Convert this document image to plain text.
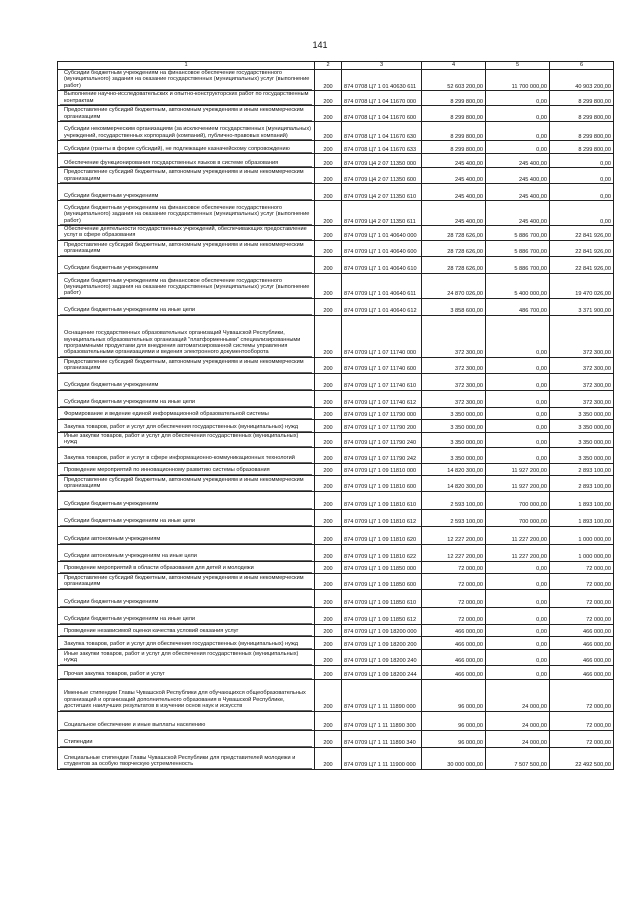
141
1	2	3	4	5	6

Субсидии бюджетным учреждениям на финансовое обеспечение государственного (муниципального) задания на оказание государственных (муниципальных) услуг (выполнение работ)	200	874 0708 Ц7 1 01 40630 611	52 603 200,00	11 700 000,00	40 903 200,00

Выполнение научно-исследовательских и опытно-конструкторских работ по государственным контрактам	200	874 0708 Ц7 1 04 11670 000	8 299 800,00	0,00	8 299 800,00

Предоставление субсидий бюджетным, автономным учреждениям и иным некоммерческим организациям	200	874 0708 Ц7 1 04 11670 600	8 299 800,00	0,00	8 299 800,00

Субсидии некоммерческим организациям (за исключением государственных (муниципальных) учреждений, государственных корпораций (компаний), публично-правовых компаний)	200	874 0708 Ц7 1 04 11670 630	8 299 800,00	0,00	8 299 800,00

Субсидии (гранты в форме субсидий), не подлежащие казначейскому сопровождению	200	874 0708 Ц7 1 04 11670 633	8 299 800,00	0,00	8 299 800,00

Обеспечение функционирования государственных языков в системе образования	200	874 0709 Ц4 2 07 11350 000	245 400,00	245 400,00	0,00

Предоставление субсидий бюджетным, автономным учреждениям и иным некоммерческим организациям	200	874 0709 Ц4 2 07 11350 600	245 400,00	245 400,00	0,00

Субсидии бюджетным учреждениям	200	874 0709 Ц4 2 07 11350 610	245 400,00	245 400,00	0,00

Субсидии бюджетным учреждениям на финансовое обеспечение государственного (муниципального) задания на оказание государственных (муниципальных) услуг (выполнение работ)	200	874 0709 Ц4 2 07 11350 611	245 400,00	245 400,00	0,00

Обеспечение деятельности государственных учреждений, обеспечивающих предоставление услуг в сфере образования	200	874 0709 Ц7 1 01 40640 000	28 728 626,00	5 886 700,00	22 841 926,00

Предоставление субсидий бюджетным, автономным учреждениям и иным некоммерческим организациям	200	874 0709 Ц7 1 01 40640 600	28 728 626,00	5 886 700,00	22 841 926,00

Субсидии бюджетным учреждениям	200	874 0709 Ц7 1 01 40640 610	28 728 626,00	5 886 700,00	22 841 926,00

Субсидии бюджетным учреждениям на финансовое обеспечение государственного (муниципального) задания на оказание государственных (муниципальных) услуг (выполнение работ)	200	874 0709 Ц7 1 01 40640 611	24 870 026,00	5 400 000,00	19 470 026,00

Субсидии бюджетным учреждениям на иные цели	200	874 0709 Ц7 1 01 40640 612	3 858 600,00	486 700,00	3 371 900,00

Оснащение государственных образовательных организаций Чувашской Республики, муниципальных образовательных организаций "платформенными" специализированными программными продуктами для внедрения автоматизированной системы управления образовательными организациями и ведения электронного документооборота	200	874 0709 Ц7 1 07 11740 000	372 300,00	0,00	372 300,00

Предоставление субсидий бюджетным, автономным учреждениям и иным некоммерческим организациям	200	874 0709 Ц7 1 07 11740 600	372 300,00	0,00	372 300,00

Субсидии бюджетным учреждениям	200	874 0709 Ц7 1 07 11740 610	372 300,00	0,00	372 300,00

Субсидии бюджетным учреждениям на иные цели	200	874 0709 Ц7 1 07 11740 612	372 300,00	0,00	372 300,00

Формирование и ведение единой информационной образовательной системы	200	874 0709 Ц7 1 07 11790 000	3 350 000,00	0,00	3 350 000,00

Закупка товаров, работ и услуг для обеспечения государственных (муниципальных) нужд	200	874 0709 Ц7 1 07 11790 200	3 350 000,00	0,00	3 350 000,00

Иные закупки товаров, работ и услуг для обеспечения государственных (муниципальных) нужд	200	874 0709 Ц7 1 07 11790 240	3 350 000,00	0,00	3 350 000,00

Закупка товаров, работ и услуг в сфере информационно-коммуникационных технологий	200	874 0709 Ц7 1 07 11790 242	3 350 000,00	0,00	3 350 000,00

Проведение мероприятий по инновационному развитию системы образования	200	874 0709 Ц7 1 09 11810 000	14 820 300,00	11 927 200,00	2 893 100,00

Предоставление субсидий бюджетным, автономным учреждениям и иным некоммерческим организациям	200	874 0709 Ц7 1 09 11810 600	14 820 300,00	11 927 200,00	2 893 100,00

Субсидии бюджетным учреждениям	200	874 0709 Ц7 1 09 11810 610	2 593 100,00	700 000,00	1 893 100,00

Субсидии бюджетным учреждениям на иные цели	200	874 0709 Ц7 1 09 11810 612	2 593 100,00	700 000,00	1 893 100,00

Субсидии автономным учреждениям	200	874 0709 Ц7 1 09 11810 620	12 227 200,00	11 227 200,00	1 000 000,00

Субсидии автономным учреждениям на иные цели	200	874 0709 Ц7 1 09 11810 622	12 227 200,00	11 227 200,00	1 000 000,00

Проведение мероприятий в области образования для детей и молодежи	200	874 0709 Ц7 1 09 11850 000	72 000,00	0,00	72 000,00

Предоставление субсидий бюджетным, автономным учреждениям и иным некоммерческим организациям	200	874 0709 Ц7 1 09 11850 600	72 000,00	0,00	72 000,00

Субсидии бюджетным учреждениям	200	874 0709 Ц7 1 09 11850 610	72 000,00	0,00	72 000,00

Субсидии бюджетным учреждениям на иные цели	200	874 0709 Ц7 1 09 11850 612	72 000,00	0,00	72 000,00

Проведение независимой оценки качества условий оказания услуг	200	874 0709 Ц7 1 09 18200 000	466 000,00	0,00	466 000,00

Закупка товаров, работ и услуг для обеспечения государственных (муниципальных) нужд	200	874 0709 Ц7 1 09 18200 200	466 000,00	0,00	466 000,00

Иные закупки товаров, работ и услуг для обеспечения государственных (муниципальных) нужд	200	874 0709 Ц7 1 09 18200 240	466 000,00	0,00	466 000,00

Прочая закупка товаров, работ и услуг	200	874 0709 Ц7 1 09 18200 244	466 000,00	0,00	466 000,00

Именные стипендии Главы Чувашской Республики для обучающихся общеобразовательных организаций и организаций дополнительного образования в Чувашской Республике, достигших наилучших результатов в изучении основ наук и искусств	200	874 0709 Ц7 1 11 11890 000	96 000,00	24 000,00	72 000,00

Социальное обеспечение и иные выплаты населению	200	874 0709 Ц7 1 11 11890 300	96 000,00	24 000,00	72 000,00

Стипендии	200	874 0709 Ц7 1 11 11890 340	96 000,00	24 000,00	72 000,00

Специальные стипендии Главы Чувашской Республики для представителей молодежи и студентов за особую творческую устремленность	200	874 0709 Ц7 1 11 11900 000	30 000 000,00	7 507 500,00	22 492 500,00
